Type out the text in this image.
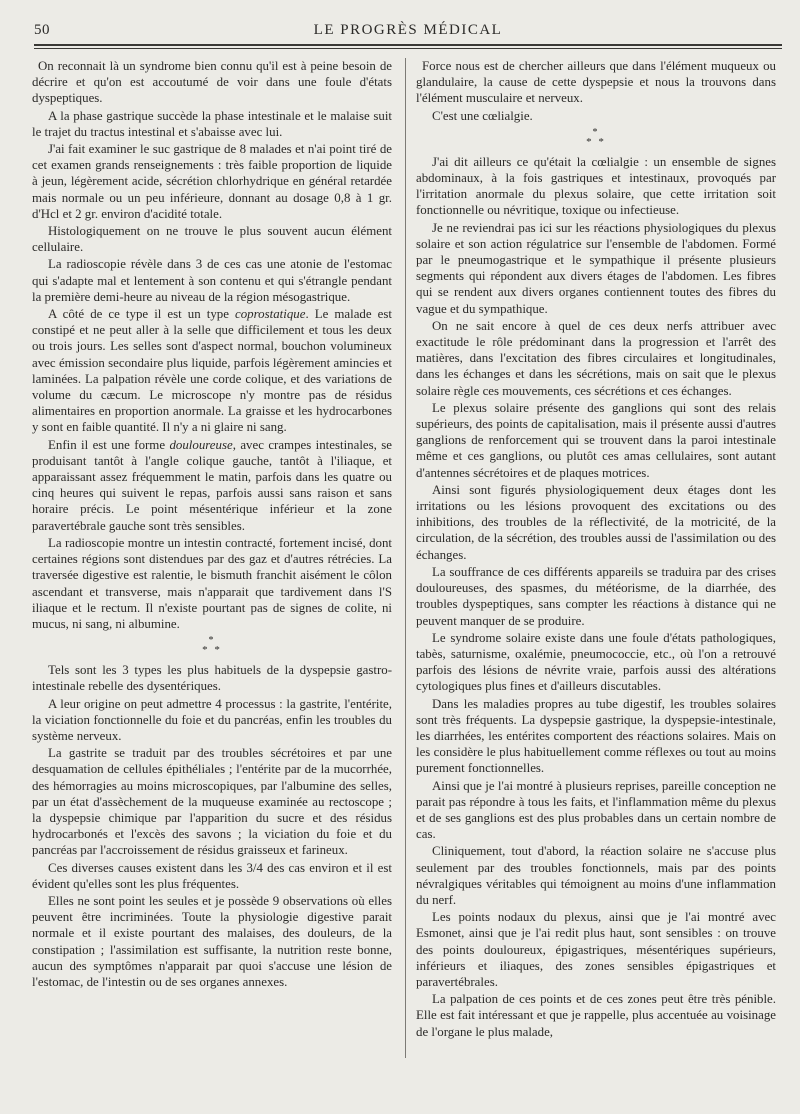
50	LE PROGRÈS MÉDICAL

On reconnait là un syndrome bien connu qu'il est à peine besoin de décrire et qu'on est accoutumé de voir dans une foule d'états dyspeptiques.

A la phase gastrique succède la phase intestinale et le malaise suit le trajet du tractus intestinal et s'abaisse avec lui.

J'ai fait examiner le suc gastrique de 8 malades et n'ai point tiré de cet examen grands renseignements : très faible proportion de liquide à jeun, légèrement acide, sécrétion chlorhydrique en général retardée mais normale ou un peu inférieure, donnant au dosage 0,8 à 1 gr. d'Hcl et 2 gr. environ d'acidité totale.

Histologiquement on ne trouve le plus souvent aucun élément cellulaire.

La radioscopie révèle dans 3 de ces cas une atonie de l'estomac qui s'adapte mal et lentement à son contenu et qui s'étrangle pendant la première demi-heure au niveau de la région mésogastrique.

A côté de ce type il est un type coprostatique. Le malade est constipé et ne peut aller à la selle que difficilement et tous les deux ou trois jours. Les selles sont d'aspect normal, bouchon volumineux avec émission secondaire plus liquide, parfois légèrement amincies et laminées. La palpation révèle une corde colique, et des variations de volume du cæcum. Le microscope n'y montre pas de résidus alimentaires en proportion anormale. La graisse et les hydrocarbones y sont en faible quantité. Il n'y a ni glaire ni sang.

Enfin il est une forme douloureuse, avec crampes intestinales, se produisant tantôt à l'angle colique gauche, tantôt à l'iliaque, et apparaissant assez fréquemment le matin, parfois dans les quatre ou cinq heures qui suivent le repas, parfois aussi sans raison et sans horaire précis. Le point mésentérique inférieur et la zone paravertébrale gauche sont très sensibles.

La radioscopie montre un intestin contracté, fortement incisé, dont certaines régions sont distendues par des gaz et d'autres rétrécies. La traversée digestive est ralentie, le bismuth franchit aisément le côlon ascendant et transverse, mais n'apparait que tardivement dans l'S iliaque et le rectum. Il n'existe pourtant pas de signes de colite, ni mucus, ni sang, ni albumine.

*
* *

Tels sont les 3 types les plus habituels de la dyspepsie gastro-intestinale rebelle des dysentériques.

A leur origine on peut admettre 4 processus : la gastrite, l'entérite, la viciation fonctionnelle du foie et du pancréas, enfin les troubles du système nerveux.

La gastrite se traduit par des troubles sécrétoires et par une desquamation de cellules épithéliales ; l'entérite par de la mucorrhée, des hémorragies au moins microscopiques, par l'albumine des selles, par un état d'assèchement de la muqueuse examinée au rectoscope ; la dyspepsie chimique par l'apparition du sucre et des résidus hydrocarbonés et l'excès des savons ; la viciation du foie et du pancréas par l'accroissement de résidus graisseux et farineux.

Ces diverses causes existent dans les 3/4 des cas environ et il est évident qu'elles sont les plus fréquentes.

Elles ne sont point les seules et je possède 9 observations où elles peuvent être incriminées. Toute la physiologie digestive parait normale et il existe pourtant des malaises, des douleurs, de la constipation ; l'assimilation est suffisante, la nutrition reste bonne, aucun des symptômes n'apparait par quoi s'accuse une lésion de l'estomac, de l'intestin ou de ses organes annexes.

Force nous est de chercher ailleurs que dans l'élément muqueux ou glandulaire, la cause de cette dyspepsie et nous la trouvons dans l'élément musculaire et nerveux.

C'est une cœlialgie.

*
* *

J'ai dit ailleurs ce qu'était la cœlialgie : un ensemble de signes abdominaux, à la fois gastriques et intestinaux, provoqués par l'irritation anormale du plexus solaire, que cette irritation soit fonctionnelle ou névritique, toxique ou infectieuse.

Je ne reviendrai pas ici sur les réactions physiologiques du plexus solaire et son action régulatrice sur l'ensemble de l'abdomen. Formé par le pneumogastrique et le sympathique il présente plusieurs segments qui répondent aux divers étages de l'abdomen. Les fibres qui se rendent aux divers organes contiennent toutes des fibres du vague et du sympathique.

On ne sait encore à quel de ces deux nerfs attribuer avec exactitude le rôle prédominant dans la progression et l'arrêt des matières, dans l'excitation des fibres circulaires et longitudinales, dans les échanges et dans les sécrétions, mais on sait que le plexus solaire règle ces mouvements, ces sécrétions et ces échanges.

Le plexus solaire présente des ganglions qui sont des relais supérieurs, des points de capitalisation, mais il présente aussi d'autres ganglions de renforcement qui se trouvent dans la paroi intestinale même et ces ganglions, ou plutôt ces amas cellulaires, sont autant d'antennes sécrétoires et de plaques motrices.

Ainsi sont figurés physiologiquement deux étages dont les irritations ou les lésions provoquent des excitations ou des inhibitions, des troubles de la réflectivité, de la motricité, de la circulation, de la sécrétion, des troubles aussi de l'assimilation ou des échanges.

La souffrance de ces différents appareils se traduira par des crises douloureuses, des spasmes, du météorisme, de la diarrhée, des troubles dyspeptiques, sans compter les réactions à distance qui ne peuvent manquer de se produire.

Le syndrome solaire existe dans une foule d'états pathologiques, tabès, saturnisme, oxalémie, pneumococcie, etc., où l'on a retrouvé parfois des lésions de névrite vraie, parfois aussi des altérations cytologiques plus fines et d'ailleurs discutables.

Dans les maladies propres au tube digestif, les troubles solaires sont très fréquents. La dyspepsie gastrique, la dyspepsie-intestinale, les diarrhées, les entérites comportent des réactions solaires. Mais on les considère le plus habituellement comme réflexes ou tout au moins purement fonctionnelles.

Ainsi que je l'ai montré à plusieurs reprises, pareille conception ne parait pas répondre à tous les faits, et l'inflammation même du plexus et de ses ganglions est des plus probables dans un certain nombre de cas.

Cliniquement, tout d'abord, la réaction solaire ne s'accuse plus seulement par des troubles fonctionnels, mais par des points névralgiques véritables qui témoignent au moins d'une inflammation du nerf.

Les points nodaux du plexus, ainsi que je l'ai montré avec Esmonet, ainsi que je l'ai redit plus haut, sont sensibles : on trouve des points douloureux, épigastriques, mésentériques supérieurs, inférieurs et iliaques, des zones sensibles épigastriques et paravertébrales.

La palpation de ces points et de ces zones peut être très pénible. Elle est fait intéressant et que je rappelle, plus accentuée au voisinage de l'organe le plus malade,
